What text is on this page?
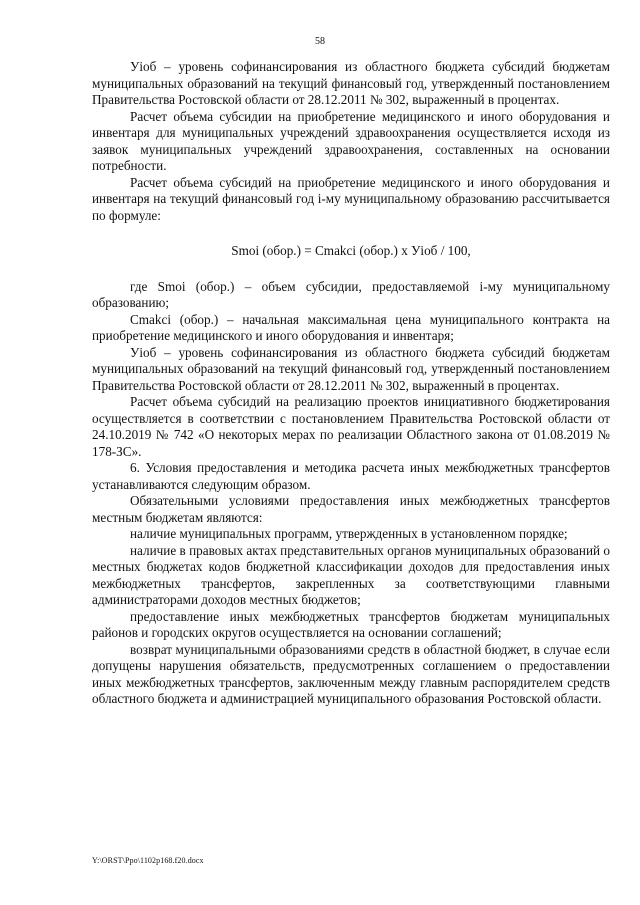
58

Уiоб – уровень софинансирования из областного бюджета субсидий бюджетам муниципальных образований на текущий финансовый год, утвержденный постановлением Правительства Ростовской области от 28.12.2011 № 302, выраженный в процентах.

Расчет объема субсидии на приобретение медицинского и иного оборудования и инвентаря для муниципальных учреждений здравоохранения осуществляется исходя из заявок муниципальных учреждений здравоохранения, составленных на основании потребности.

Расчет объема субсидий на приобретение медицинского и иного оборудования и инвентаря на текущий финансовый год i-му муниципальному образованию рассчитывается по формуле:

Smoi (обор.) = Cmakci (обор.) x Уiоб / 100,

где Smoi (обор.) – объем субсидии, предоставляемой i-му муниципальному образованию;

Cmakci (обор.) – начальная максимальная цена муниципального контракта на приобретение медицинского и иного оборудования и инвентаря;

Уiоб – уровень софинансирования из областного бюджета субсидий бюджетам муниципальных образований на текущий финансовый год, утвержденный постановлением Правительства Ростовской области от 28.12.2011 № 302, выраженный в процентах.

Расчет объема субсидий на реализацию проектов инициативного бюджетирования осуществляется в соответствии с постановлением Правительства Ростовской области от 24.10.2019 № 742 «О некоторых мерах по реализации Областного закона от 01.08.2019 № 178-ЗС».

6. Условия предоставления и методика расчета иных межбюджетных трансфертов устанавливаются следующим образом.

Обязательными условиями предоставления иных межбюджетных трансфертов местным бюджетам являются:

наличие муниципальных программ, утвержденных в установленном порядке;

наличие в правовых актах представительных органов муниципальных образований о местных бюджетах кодов бюджетной классификации доходов для предоставления иных межбюджетных трансфертов, закрепленных за соответствующими главными администраторами доходов местных бюджетов;

предоставление иных межбюджетных трансфертов бюджетам муниципальных районов и городских округов осуществляется на основании соглашений;

возврат муниципальными образованиями средств в областной бюджет, в случае если допущены нарушения обязательств, предусмотренных соглашением о предоставлении иных межбюджетных трансфертов, заключенным между главным распорядителем средств областного бюджета и администрацией муниципального образования Ростовской области.

Y:\ORST\Ppo\1102p168.f20.docx
